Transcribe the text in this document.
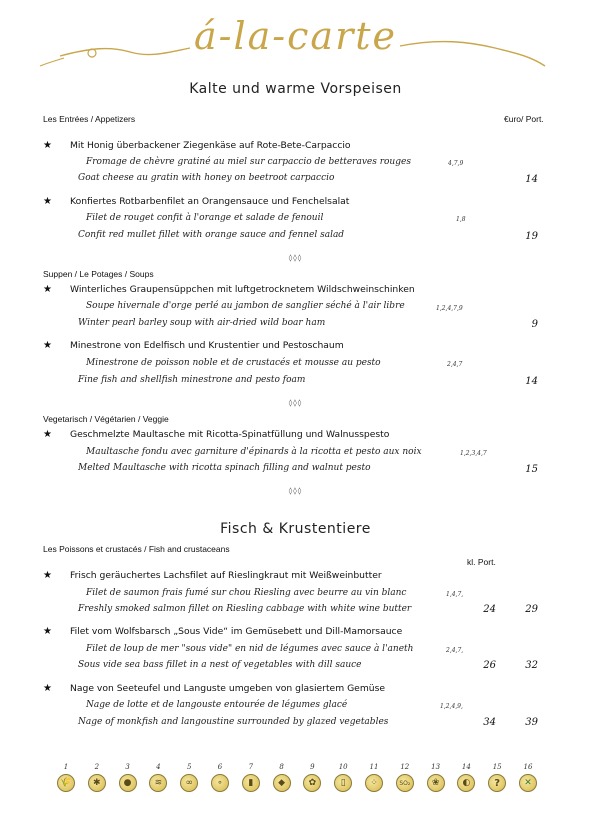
á-la-carte
Kalte und warme Vorspeisen
Les Entrées / Appetizers	€uro/ Port.
★ Mit Honig überbackener Ziegenkäse auf Rote-Bete-Carpaccio
Fromage de chèvre gratiné au miel sur carpaccio de betteraves rouges	4,7,9
Goat cheese au gratin with honey on beetroot carpaccio	14
★ Konfiertes Rotbarbenfilet an Orangensauce und Fenchelsalat
Filet de rouget confit à l'orange et salade de fenouil	1,8
Confit red mullet fillet with orange sauce and fennel salad	19
◊◊◊
Suppen / Le Potages / Soups
★ Winterliches Graupensüppchen mit luftgetrocknetem Wildschweinschinken
Soupe hivernale d'orge perlé au jambon de sanglier séché à l'air libre	1,2,4,7,9
Winter pearl barley soup with air-dried wild boar ham	9
★ Minestrone von Edelfisch und Krustentier und Pestoschaum
Minestrone de poisson noble et de crustacés et mousse au pesto	2,4,7
Fine fish and shellfish minestrone and pesto foam	14
◊◊◊
Vegetarisch / Végétarien / Veggie
★ Geschmelzte Maultasche mit Ricotta-Spinatfüllung und Walnusspesto
Maultasche fondu avec garniture d'épinards à la ricotta et pesto aux noix	1,2,3,4,7
Melted Maultasche with ricotta spinach filling and walnut pesto	15
◊◊◊
Fisch & Krustentiere
Les Poissons et crustacés / Fish and crustaceans
kl. Port.
★ Frisch geräuchertes Lachsfilet auf Rieslingkraut mit Weißweinbutter
Filet de saumon frais fumé sur chou Riesling avec beurre au vin blanc	1,4,7,
Freshly smoked salmon fillet on Riesling cabbage with white wine butter	24	29
★ Filet vom Wolfsbarsch „Sous Vide“ im Gemüsebett und Dill-Mamorsauce
Filet de loup de mer "sous vide" en nid de légumes avec sauce à l'aneth	2,4,7,
Sous vide sea bass fillet in a nest of vegetables with dill sauce	26	32
★ Nage von Seeteufel und Languste umgeben von glasiertem Gemüse
Nage de lotte et de langouste entourée de légumes glacé	1,2,4,9,
Nage of monkfish and langoustine surrounded by glazed vegetables	34	39
1
🌾
2
✱
3
●
4
≋
5
∞
6
∘
7
▮
8
◆
9
✿
10
▯
11
⁘
12
SO₂
13
❀
14
◐
15
?
16
✕
